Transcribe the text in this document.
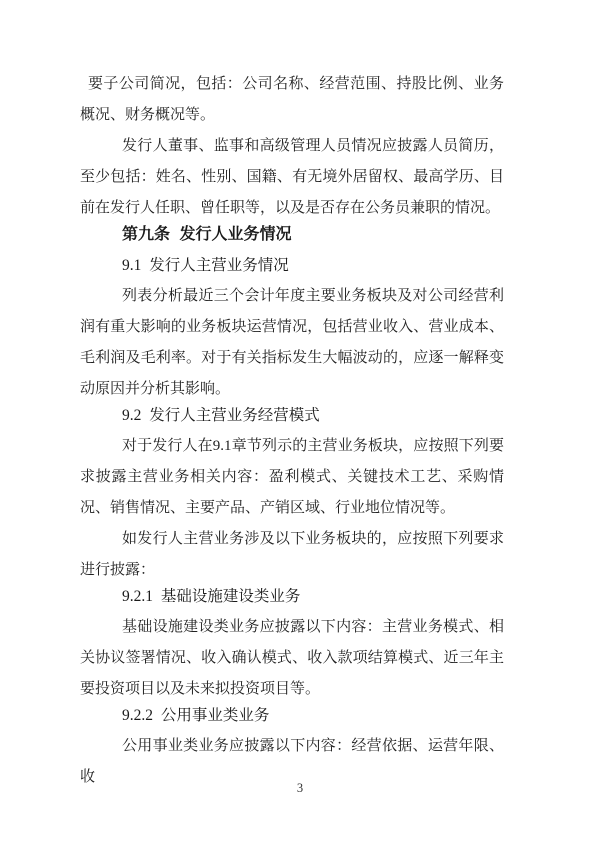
要子公司简况，包括：公司名称、经营范围、持股比例、业务概况、财务概况等。

发行人董事、监事和高级管理人员情况应披露人员简历，至少包括：姓名、性别、国籍、有无境外居留权、最高学历、目前在发行人任职、曾任职等，以及是否存在公务员兼职的情况。

第九条 发行人业务情况
9.1 发行人主营业务情况

列表分析最近三个会计年度主要业务板块及对公司经营利润有重大影响的业务板块运营情况，包括营业收入、营业成本、毛利润及毛利率。对于有关指标发生大幅波动的，应逐一解释变动原因并分析其影响。

9.2 发行人主营业务经营模式

对于发行人在9.1章节列示的主营业务板块，应按照下列要求披露主营业务相关内容：盈利模式、关键技术工艺、采购情况、销售情况、主要产品、产销区域、行业地位情况等。

如发行人主营业务涉及以下业务板块的，应按照下列要求进行披露：

9.2.1 基础设施建设类业务

基础设施建设类业务应披露以下内容：主营业务模式、相关协议签署情况、收入确认模式、收入款项结算模式、近三年主要投资项目以及未来拟投资项目等。

9.2.2 公用事业类业务

公用事业类业务应披露以下内容：经营依据、运营年限、收

3
